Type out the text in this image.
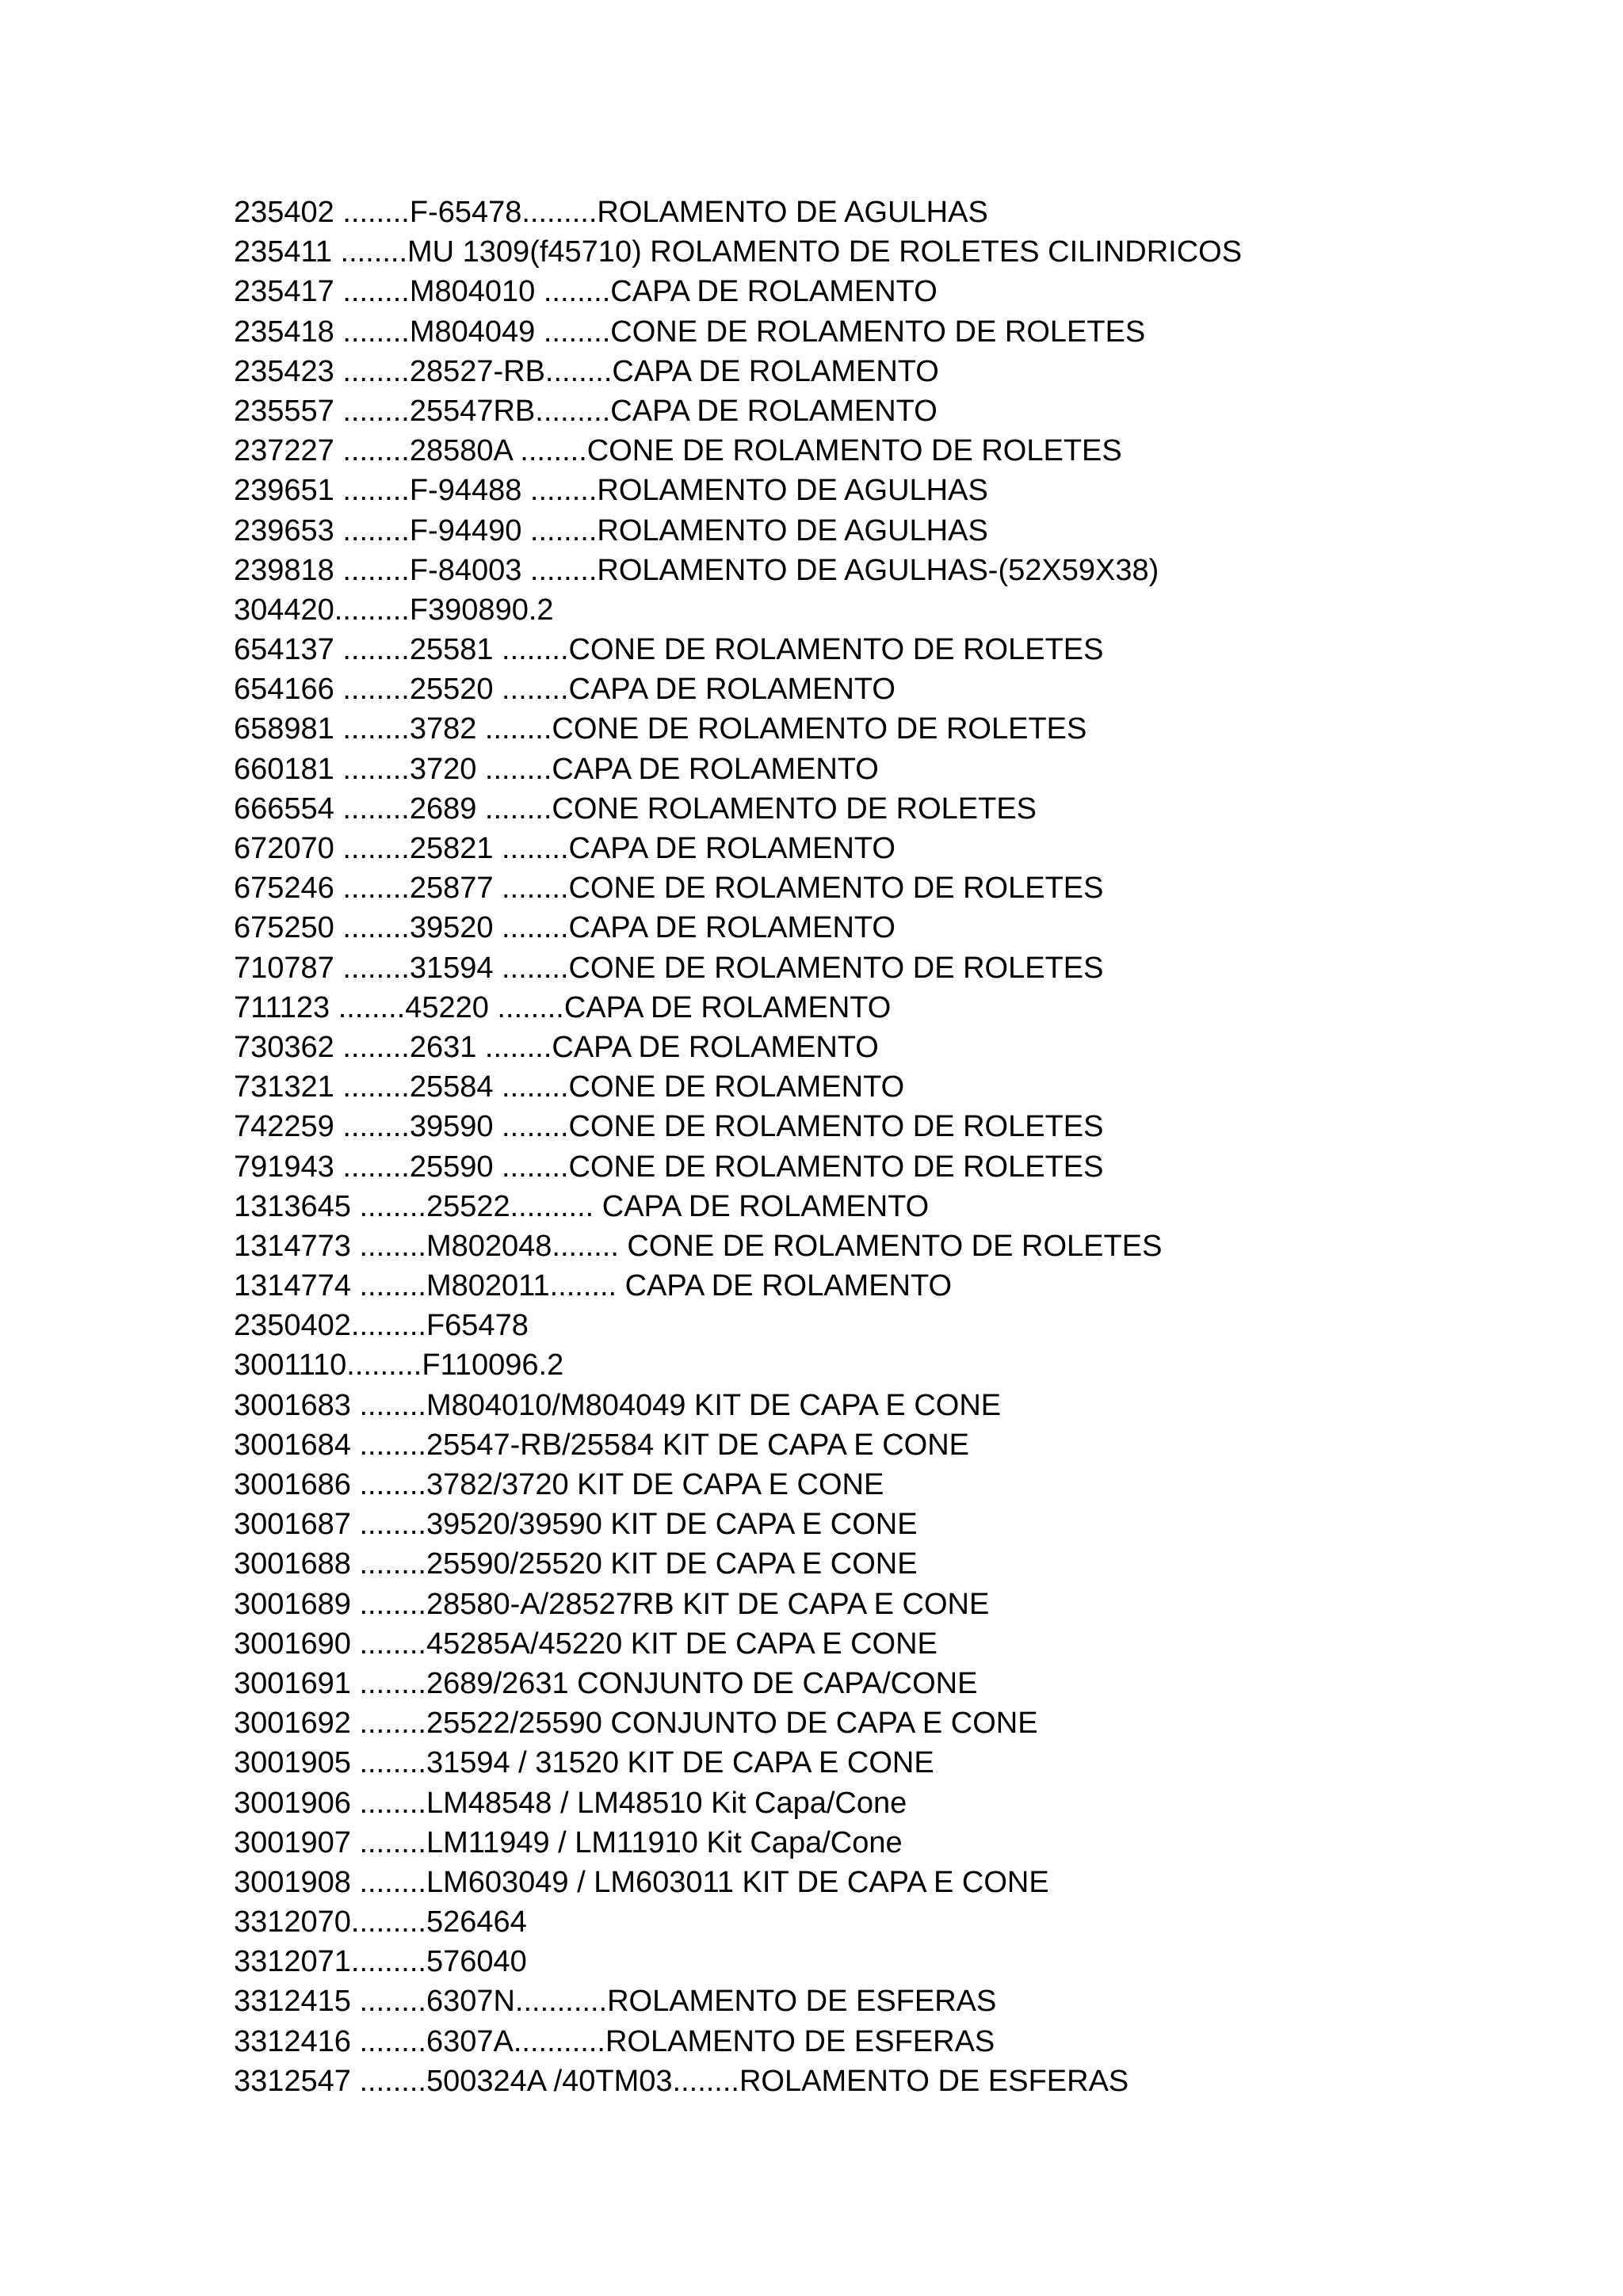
235402 ........F-65478.........ROLAMENTO DE AGULHAS
235411 ........MU 1309(f45710) ROLAMENTO DE ROLETES CILINDRICOS
235417 ........M804010 ........CAPA DE ROLAMENTO
235418 ........M804049 ........CONE DE ROLAMENTO DE ROLETES
235423 ........28527-RB........CAPA DE ROLAMENTO
235557 ........25547RB.........CAPA DE ROLAMENTO
237227 ........28580A ........CONE DE ROLAMENTO DE ROLETES
239651 ........F-94488 ........ROLAMENTO DE AGULHAS
239653 ........F-94490 ........ROLAMENTO DE AGULHAS
239818 ........F-84003 ........ROLAMENTO DE AGULHAS-(52X59X38)
304420.........F390890.2
654137 ........25581 ........CONE DE ROLAMENTO DE ROLETES
654166 ........25520 ........CAPA DE ROLAMENTO
658981 ........3782 ........CONE DE ROLAMENTO DE ROLETES
660181 ........3720 ........CAPA DE ROLAMENTO
666554 ........2689 ........CONE ROLAMENTO DE ROLETES
672070 ........25821 ........CAPA DE ROLAMENTO
675246 ........25877 ........CONE DE ROLAMENTO DE ROLETES
675250 ........39520 ........CAPA DE ROLAMENTO
710787 ........31594 ........CONE DE ROLAMENTO DE ROLETES
711123 ........45220 ........CAPA DE ROLAMENTO
730362 ........2631 ........CAPA DE ROLAMENTO
731321 ........25584 ........CONE DE ROLAMENTO
742259 ........39590 ........CONE DE ROLAMENTO DE ROLETES
791943 ........25590 ........CONE DE ROLAMENTO DE ROLETES
1313645 ........25522.......... CAPA DE ROLAMENTO
1314773 ........M802048........ CONE DE ROLAMENTO DE ROLETES
1314774 ........M802011........ CAPA DE ROLAMENTO
2350402.........F65478
3001110.........F110096.2
3001683 ........M804010/M804049 KIT DE CAPA E CONE
3001684 ........25547-RB/25584 KIT DE CAPA E CONE
3001686 ........3782/3720 KIT DE CAPA E CONE
3001687 ........39520/39590 KIT DE CAPA E CONE
3001688 ........25590/25520 KIT DE CAPA E CONE
3001689 ........28580-A/28527RB KIT DE CAPA E CONE
3001690 ........45285A/45220 KIT DE CAPA E CONE
3001691 ........2689/2631 CONJUNTO DE CAPA/CONE
3001692 ........25522/25590 CONJUNTO DE CAPA E CONE
3001905 ........31594 / 31520 KIT DE CAPA E CONE
3001906 ........LM48548 / LM48510 Kit Capa/Cone
3001907 ........LM11949 / LM11910 Kit Capa/Cone
3001908 ........LM603049 / LM603011 KIT DE CAPA E CONE
3312070.........526464
3312071.........576040
3312415 ........6307N...........ROLAMENTO DE ESFERAS
3312416 ........6307A...........ROLAMENTO DE ESFERAS
3312547 ........500324A /40TM03........ROLAMENTO DE ESFERAS
